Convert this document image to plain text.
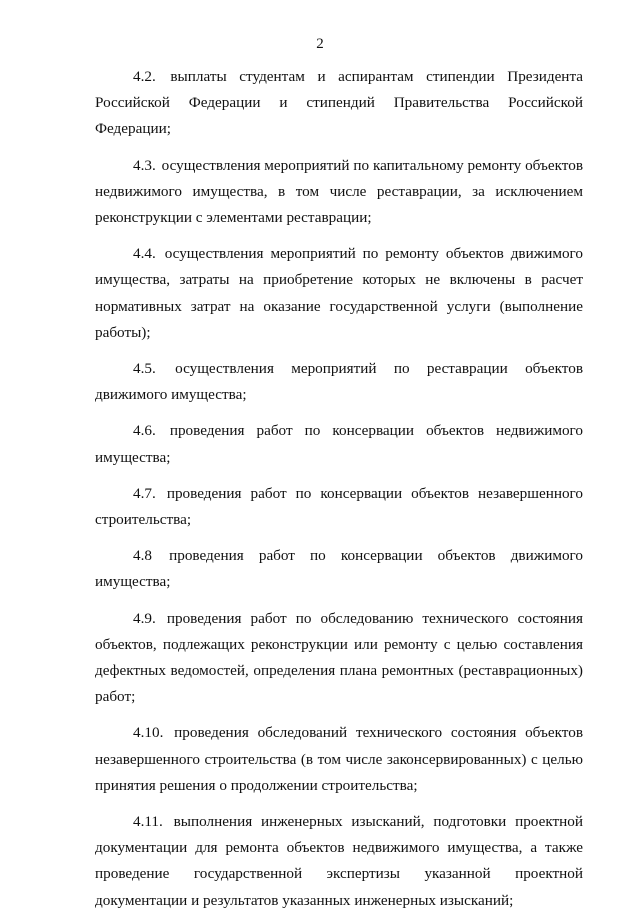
2

4.2. выплаты студентам и аспирантам стипендии Президента Российской Федерации и стипендий Правительства Российской Федерации;

4.3. осуществления мероприятий по капитальному ремонту объектов недвижимого имущества, в том числе реставрации, за исключением реконструкции с элементами реставрации;

4.4. осуществления мероприятий по ремонту объектов движимого имущества, затраты на приобретение которых не включены в расчет нормативных затрат на оказание государственной услуги (выполнение работы);

4.5. осуществления мероприятий по реставрации объектов движимого имущества;

4.6. проведения работ по консервации объектов недвижимого имущества;

4.7. проведения работ по консервации объектов незавершенного строительства;

4.8 проведения работ по консервации объектов движимого имущества;

4.9. проведения работ по обследованию технического состояния объектов, подлежащих реконструкции или ремонту с целью составления дефектных ведомостей, определения плана ремонтных (реставрационных) работ;

4.10. проведения обследований технического состояния объектов незавершенного строительства (в том числе законсервированных) с целью принятия решения о продолжении строительства;

4.11. выполнения инженерных изысканий, подготовки проектной документации для ремонта объектов недвижимого имущества, а также проведение государственной экспертизы указанной проектной документации и результатов указанных инженерных изысканий;
